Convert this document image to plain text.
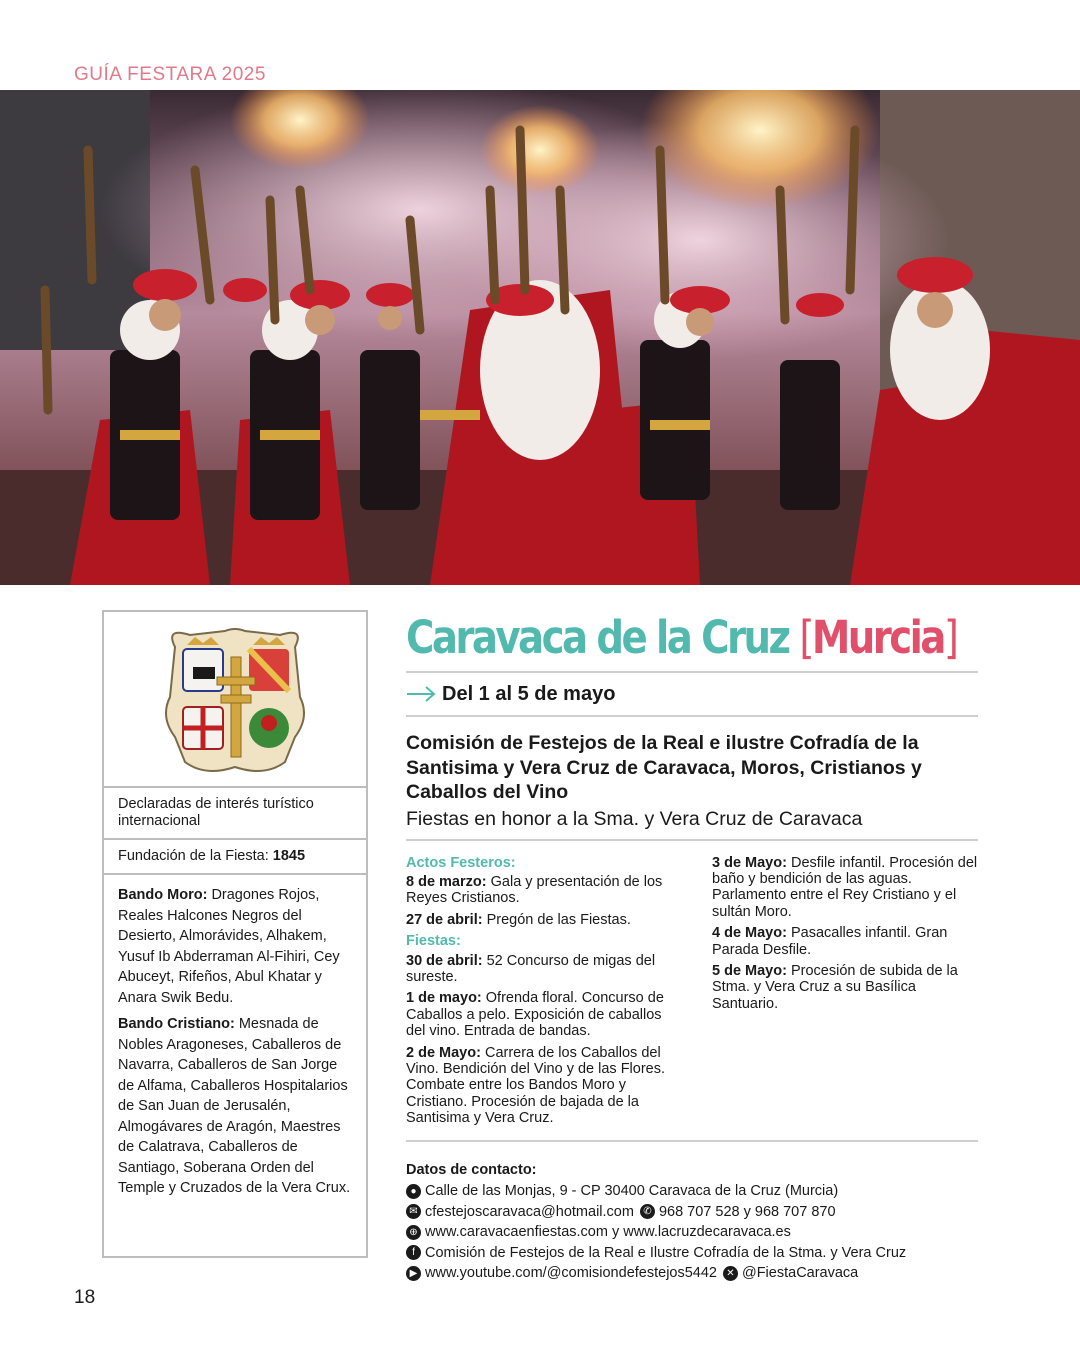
GUÍA FESTARA 2025
Declaradas de interés turístico internacional
Fundación de la Fiesta: 1845

Bando Moro: Dragones Rojos, Reales Halcones Negros del Desierto, Almorávides, Alhakem, Yusuf Ib Abderraman Al-Fihiri, Cey Abuceyt, Rifeños, Abul Khatar y Anara Swik Bedu.

Bando Cristiano: Mesnada de Nobles Aragoneses, Caballeros de Navarra, Caballeros de San Jorge de Alfama, Caballeros Hospitalarios de San Juan de Jerusalén, Almogávares de Aragón, Maestres de Calatrava, Caballeros de Santiago, Soberana Orden del Temple y Cruzados de la Vera Crux.

Caravaca de la Cruz [Murcia]
Del 1 al 5 de mayo
Comisión de Festejos de la Real e ilustre Cofradía de la Santisima y Vera Cruz de Caravaca, Moros, Cristianos y Caballos del Vino
Fiestas en honor a la Sma. y Vera Cruz de Caravaca
Actos Festeros:

8 de marzo: Gala y presentación de los Reyes Cristianos.

27 de abril: Pregón de las Fiestas.

Fiestas:

30 de abril: 52 Concurso de migas del sureste.

1 de mayo: Ofrenda floral. Concurso de Caballos a pelo. Exposición de caballos del vino. Entrada de bandas.

2 de Mayo: Carrera de los Caballos del Vino. Bendición del Vino y de las Flores. Combate entre los Bandos Moro y Cristiano. Procesión de bajada de la Santisima y Vera Cruz.

3 de Mayo: Desfile infantil. Procesión del baño y bendición de las aguas. Parlamento entre el Rey Cristiano y el sultán Moro.

4 de Mayo: Pasacalles infantil. Gran Parada Desfile.

5 de Mayo: Procesión de subida de la Stma. y Vera Cruz a su Basílica Santuario.

Datos de contacto:
● Calle de las Monjas, 9 - CP 30400 Caravaca de la Cruz (Murcia)
✉ cfestejoscaravaca@hotmail.com ✆ 968 707 528 y 968 707 870
⊕ www.caravacaenfiestas.com y www.lacruzdecaravaca.es
f Comisión de Festejos de la Real e Ilustre Cofradía de la Stma. y Vera Cruz
▶ www.youtube.com/@comisiondefestejos5442 ✕ @FiestaCaravaca
18
